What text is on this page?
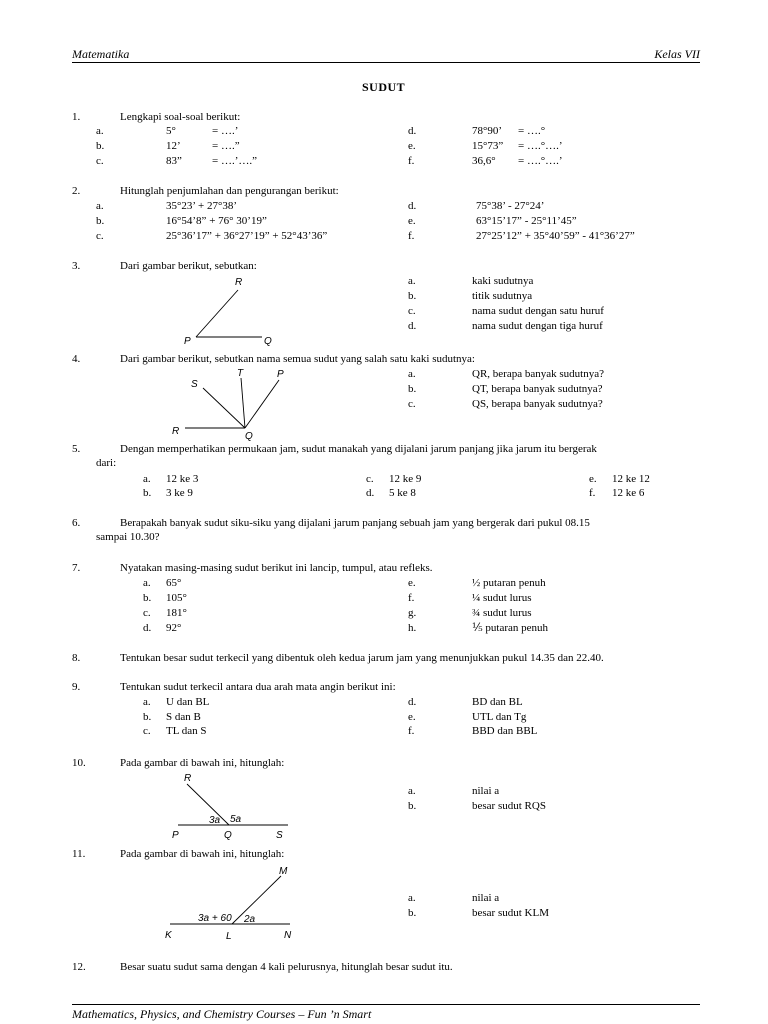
Matematika	Kelas VII
SUDUT
1.	Lengkapi soal-soal berikut:
a.	5°	= ….’
b.	12’	= ….”
c.	83”	= ….’….”
d.	78°90’ = ….°
e.	15°73” = ….°….’
f.	36,6° = ….°….’
2.	Hitunglah penjumlahan dan pengurangan berikut:
a.	35°23’ + 27°38’
b.	16°54’8” + 76° 30’19”
c.	25°36’17” + 36°27’19” + 52°43’36”
d.	75°38’ - 27°24’
e.	63°15’17” - 25°11’45”
f.	27°25’12” + 35°40’59” - 41°36’27”
3.	Dari gambar berikut, sebutkan:
R
P	Q
a.	kaki sudutnya
b.	titik sudutnya
c.	nama sudut dengan satu huruf
d.	nama sudut dengan tiga huruf
4.	Dari gambar berikut, sebutkan nama semua sudut yang salah satu kaki sudutnya:
S
T	P
R	Q
a.	QR, berapa banyak sudutnya?
b.	QT, berapa banyak sudutnya?
c.	QS, berapa banyak sudutnya?
5.	Dengan memperhatikan permukaan jam, sudut manakah yang dijalani jarum panjang jika jarum itu bergerak
dari:
a. 12 ke 3
b. 3 ke 9
c. 12 ke 9
d. 5 ke 8
e. 12 ke 12
f. 12 ke 6
6.	Berapakah banyak sudut siku-siku yang dijalani jarum panjang sebuah jam yang bergerak dari pukul 08.15
sampai 10.30?
7.	Nyatakan masing-masing sudut berikut ini lancip, tumpul, atau refleks.
a. 65°
b. 105°
c. 181°
d. 92°
e.	½ putaran penuh
f.	¼ sudut lurus
g.	¾ sudut lurus
h.	⅕ putaran penuh
8.	Tentukan besar sudut terkecil yang dibentuk oleh kedua jarum jam yang menunjukkan pukul 14.35 dan 22.40.
9.	Tentukan sudut terkecil antara dua arah mata angin berikut ini:
a. U dan BL
b. S dan B
c. TL dan S
d.	BD dan BL
e.	UTL dan Tg
f.	BBD dan BBL
10.	Pada gambar di bawah ini, hitunglah:
R
P	Q	S
3a 5a
a.	nilai a
b.	besar sudut RQS
11.	Pada gambar di bawah ini, hitunglah:
M
K	L	N
3a + 60 2a
a.	nilai a
b.	besar sudut KLM
12.	Besar suatu sudut sama dengan 4 kali pelurusnya, hitunglah besar sudut itu.
Mathematics, Physics, and Chemistry Courses – Fun ’n Smart
